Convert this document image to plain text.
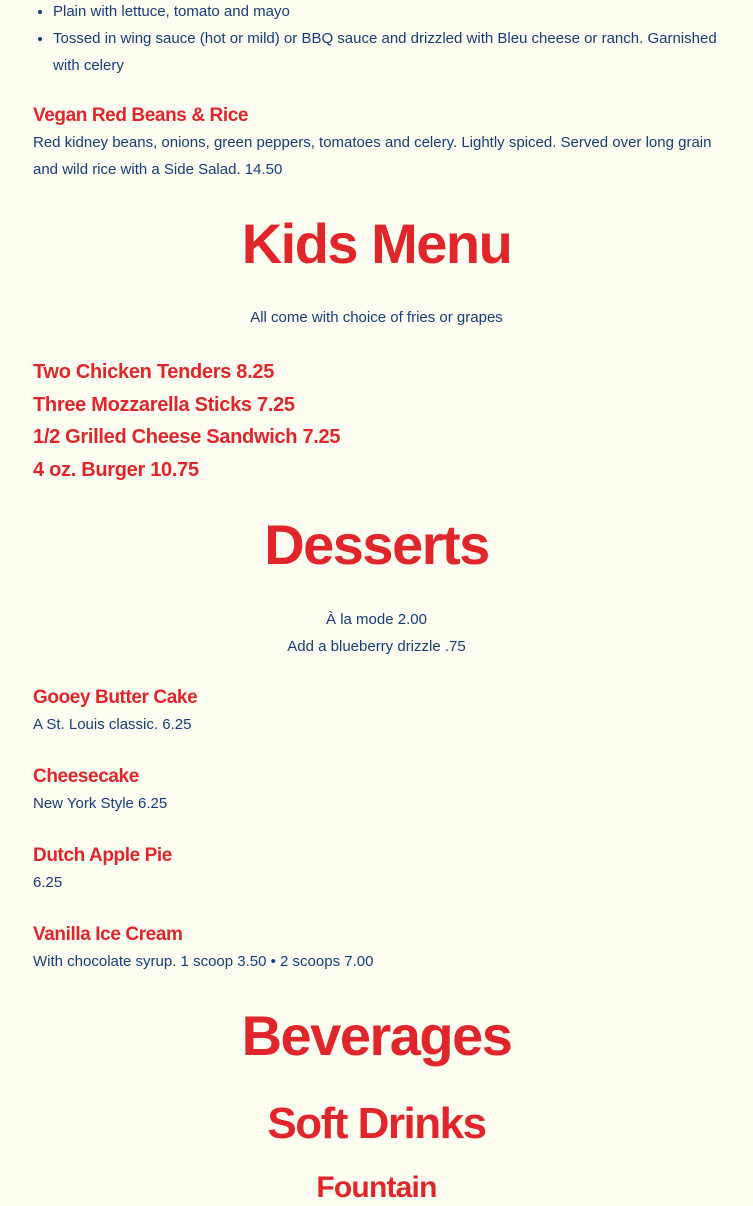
• Plain with lettuce, tomato and mayo
• Tossed in wing sauce (hot or mild) or BBQ sauce and drizzled with Bleu cheese or ranch. Garnished with celery

Vegan Red Beans & Rice

Red kidney beans, onions, green peppers, tomatoes and celery. Lightly spiced. Served over long grain and wild rice with a Side Salad. 14.50

Kids Menu

All come with choice of fries or grapes

Two Chicken Tenders 8.25

Three Mozzarella Sticks 7.25

1/2 Grilled Cheese Sandwich 7.25

4 oz. Burger 10.75

Desserts

À la mode 2.00

Add a blueberry drizzle .75

Gooey Butter Cake

A St. Louis classic. 6.25

Cheesecake

New York Style 6.25

Dutch Apple Pie

6.25

Vanilla Ice Cream

With chocolate syrup. 1 scoop 3.50 • 2 scoops 7.00

Beverages
Soft Drinks
Fountain
